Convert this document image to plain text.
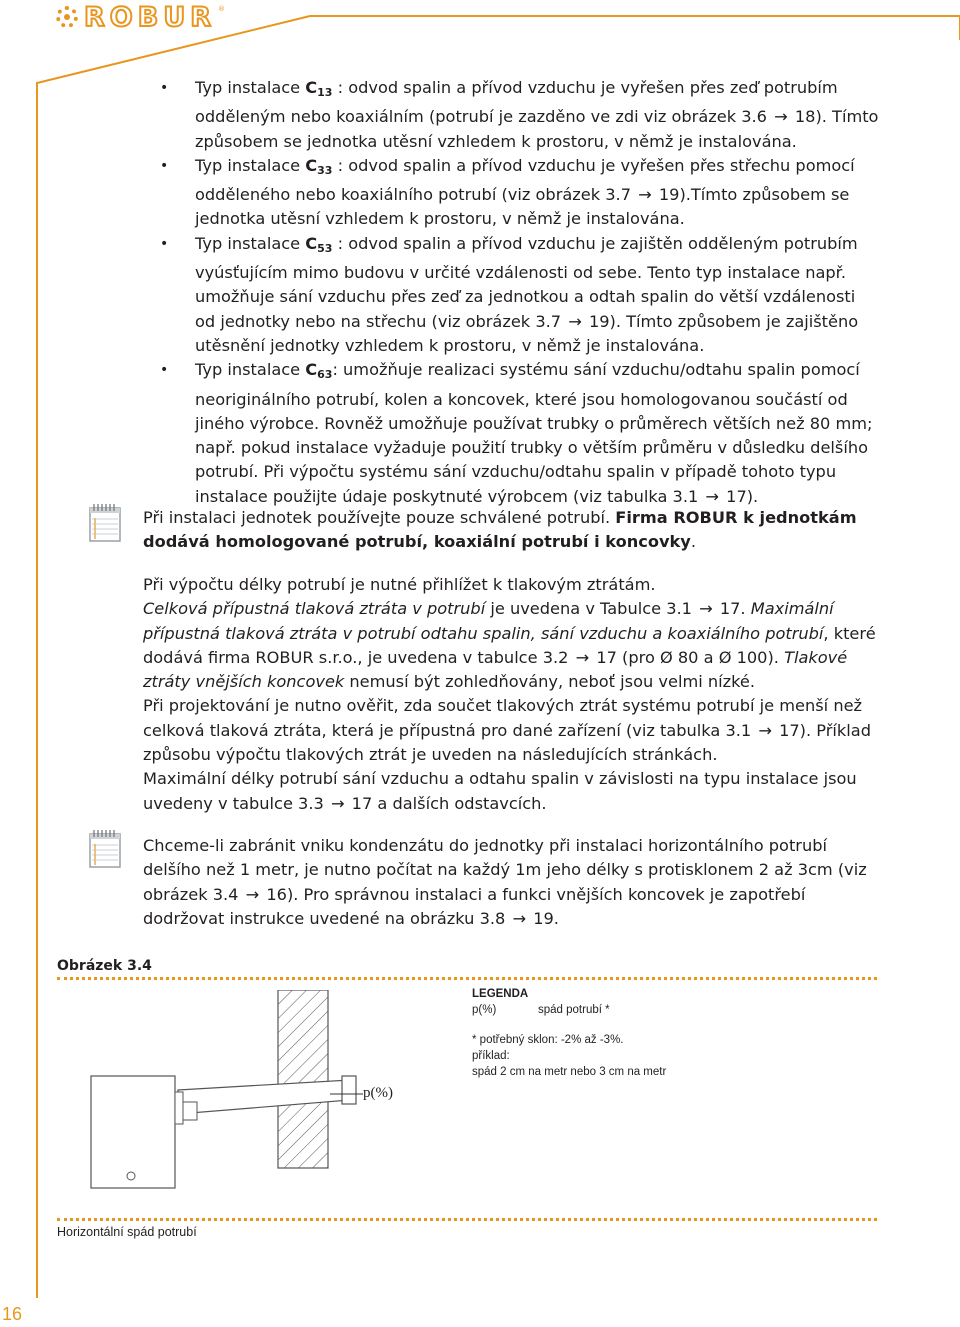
ROBUR ®
• Typ instalace $C_{13}$ : odvod spalin a přívod vzduchu je vyřešen přes zeď potrubím odděleným nebo koaxiálním (potrubí je zazděno ve zdi viz obrázek 3.6 → 18). Tímto způsobem se jednotka utěsní vzhledem k prostoru, v němž je instalována.
• Typ instalace $C_{33}$ : odvod spalin a přívod vzduchu je vyřešen přes střechu pomocí odděleného nebo koaxiálního potrubí (viz obrázek 3.7 → 19).Tímto způsobem se jednotka utěsní vzhledem k prostoru, v němž je instalována.
• Typ instalace $C_{53}$ : odvod spalin a přívod vzduchu je zajištěn odděleným potrubím vyúsťujícím mimo budovu v určité vzdálenosti od sebe. Tento typ instalace např. umožňuje sání vzduchu přes zeď za jednotkou a odtah spalin do větší vzdálenosti od jednotky nebo na střechu (viz obrázek 3.7 → 19). Tímto způsobem je zajištěno utěsnění jednotky vzhledem k prostoru, v němž je instalována.
• Typ instalace $C_{63}$: umožňuje realizaci systému sání vzduchu/odtahu spalin pomocí neoriginálního potrubí, kolen a koncovek, které jsou homologovanou součástí od jiného výrobce. Rovněž umožňuje používat trubky o průměrech větších než 80 mm; např. pokud instalace vyžaduje použití trubky o větším průměru v důsledku delšího potrubí. Při výpočtu systému sání vzduchu/odtahu spalin v případě tohoto typu instalace použijte údaje poskytnuté výrobcem (viz tabulka 3.1 → 17).

Při instalaci jednotek používejte pouze schválené potrubí. Firma ROBUR k jednotkám dodává homologované potrubí, koaxiální potrubí i koncovky.

Při výpočtu délky potrubí je nutné přihlížet k tlakovým ztrátám.

Celková přípustná tlaková ztráta v potrubí je uvedena v Tabulce 3.1 → 17. Maximální přípustná tlaková ztráta v potrubí odtahu spalin, sání vzduchu a koaxiálního potrubí, které dodává firma ROBUR s.r.o., je uvedena v tabulce 3.2 → 17 (pro Ø 80 a Ø 100). Tlakové ztráty vnějších koncovek nemusí být zohledňovány, neboť jsou velmi nízké.

Při projektování je nutno ověřit, zda součet tlakových ztrát systému potrubí je menší než celková tlaková ztráta, která je přípustná pro dané zařízení (viz tabulka 3.1 → 17). Příklad způsobu výpočtu tlakových ztrát je uveden na následujících stránkách.

Maximální délky potrubí sání vzduchu a odtahu spalin v závislosti na typu instalace jsou uvedeny v tabulce 3.3 → 17 a dalších odstavcích.

Chceme-li zabránit vniku kondenzátu do jednotky při instalaci horizontálního potrubí delšího než 1 metr, je nutno počítat na každý 1m jeho délky s protisklonem 2 až 3cm (viz obrázek 3.4 → 16). Pro správnou instalaci a funkci vnějších koncovek je zapotřebí dodržovat instrukce uvedené na obrázku 3.8 → 19.

Obrázek 3.4
p(%)
LEGENDA
p(%)	spád potrubí *
* potřebný sklon: -2% až -3%.
příklad:
spád 2 cm na metr nebo 3 cm na metr
Horizontální spád potrubí
16
